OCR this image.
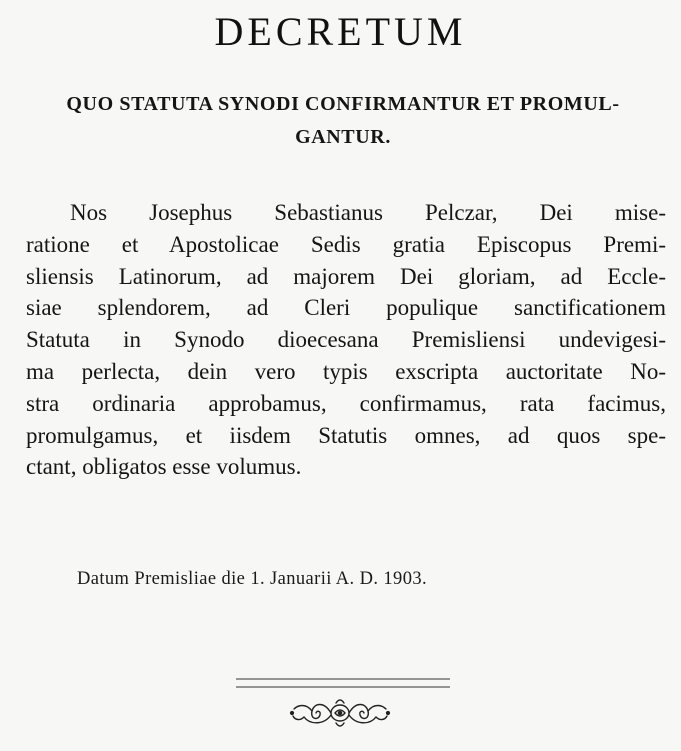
DECRETUM
QUO STATUTA SYNODI CONFIRMANTUR ET PROMUL-
GANTUR.
Nos Josephus Sebastianus Pelczar, Dei mise-
ratione et Apostolicae Sedis gratia Episcopus Premi-
sliensis Latinorum, ad majorem Dei gloriam, ad Eccle-
siae splendorem, ad Cleri populique sanctificationem
Statuta in Synodo dioecesana Premisliensi undevigesi-
ma perlecta, dein vero typis exscripta auctoritate No-
stra ordinaria approbamus, confirmamus, rata facimus,
promulgamus, et iisdem Statutis omnes, ad quos spe-
ctant, obligatos esse volumus.
Datum Premisliae die 1. Januarii A. D. 1903.
